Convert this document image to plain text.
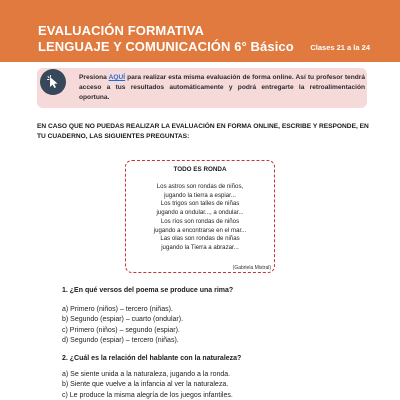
EVALUACIÓN FORMATIVA
LENGUAJE Y COMUNICACIÓN 6° Básico Clases 21 a la 24
Presiona AQUÍ para realizar esta misma evaluación de forma online. Así tu profesor tendrá acceso a tus resultados automáticamente y podrá entregarte la retroalimentación oportuna.
EN CASO QUE NO PUEDAS REALIZAR LA EVALUACIÓN EN FORMA ONLINE, ESCRIBE Y RESPONDE, EN TU CUADERNO, LAS SIGUIENTES PREGUNTAS:
TODO ES RONDA
Los astros son rondas de niños,
jugando la tierra a espiar...
Los trigos son talles de niñas
jugando a ondular..., a ondular...
Los ríos son rondas de niños
jugando a encontrarse en el mar...
Las olas son rondas de niñas
jugando la Tierra a abrazar...
(Gabriela Mistral)
1. ¿En qué versos del poema se produce una rima?
a) Primero (niños) – tercero (niñas).
b) Segundo (espiar) – cuarto (ondular).
c) Primero (niños) – segundo (espiar).
d) Segundo (espiar) – tercero (niñas).
2. ¿Cuál es la relación del hablante con la naturaleza?
a) Se siente unida a la naturaleza, jugando a la ronda.
b) Siente que vuelve a la infancia al ver la naturaleza.
c) Le produce la misma alegría de los juegos infantiles.
